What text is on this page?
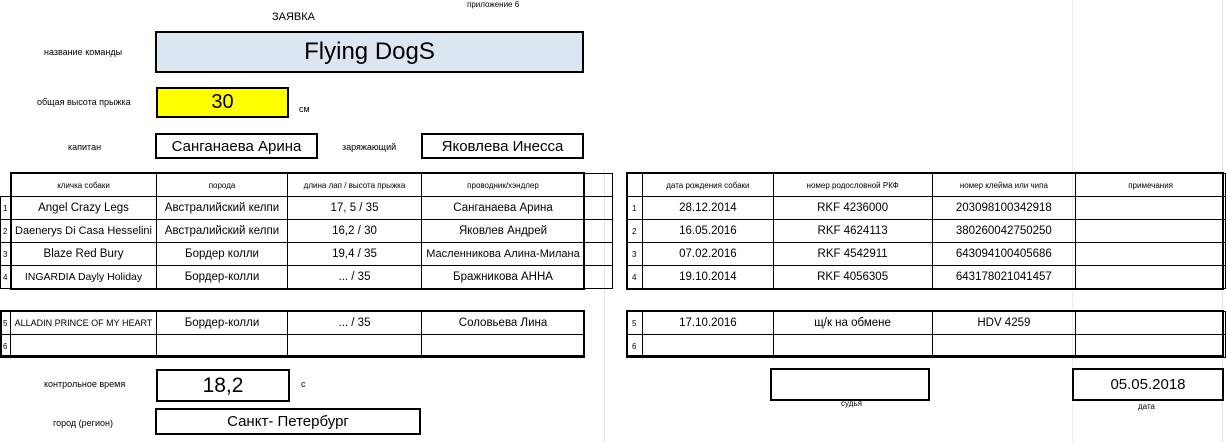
ЗАЯВКА
приложение 6
название команды	Flying DogS
общая высота прыжка	30	см
капитан	Санганаева Арина	заряжающий	Яковлева Инесса
	кличка собаки	порода	длина лап / высота прыжка	проводник/хэндлер	
1	Angel Crazy Legs	Австралийский келпи	17, 5 / 35	Санганаева Арина	
2	Daenerys Di Casa Hesselini	Австралийский келпи	16,2 / 30	Яковлев Андрей	
3	Blaze Red Bury	Бордер колли	19,4 / 35	Масленникова Алина-Милана	
4	INGARDIA Dayly Holiday	Бордер-колли	... / 35	Бражникова АННА	
5	ALLADIN PRINCE OF MY HEART	Бордер-колли	... / 35	Соловьева Лина
6				
	дата рождения собаки	номер родословной РКФ	номер клейма или чипа	примечания
1	28.12.2014	RKF 4236000	203098100342918	
2	16.05.2016	RKF 4624113	380260042750250	
3	07.02.2016	RKF 4542911	643094100405686	
4	19.10.2014	RKF 4056305	643178021041457	
5	17.10.2016	щ/к на обмене	HDV 4259	
6				
контрольное время	18,2	с
судья
05.05.2018
дата
город (регион)	Санкт- Петербург
